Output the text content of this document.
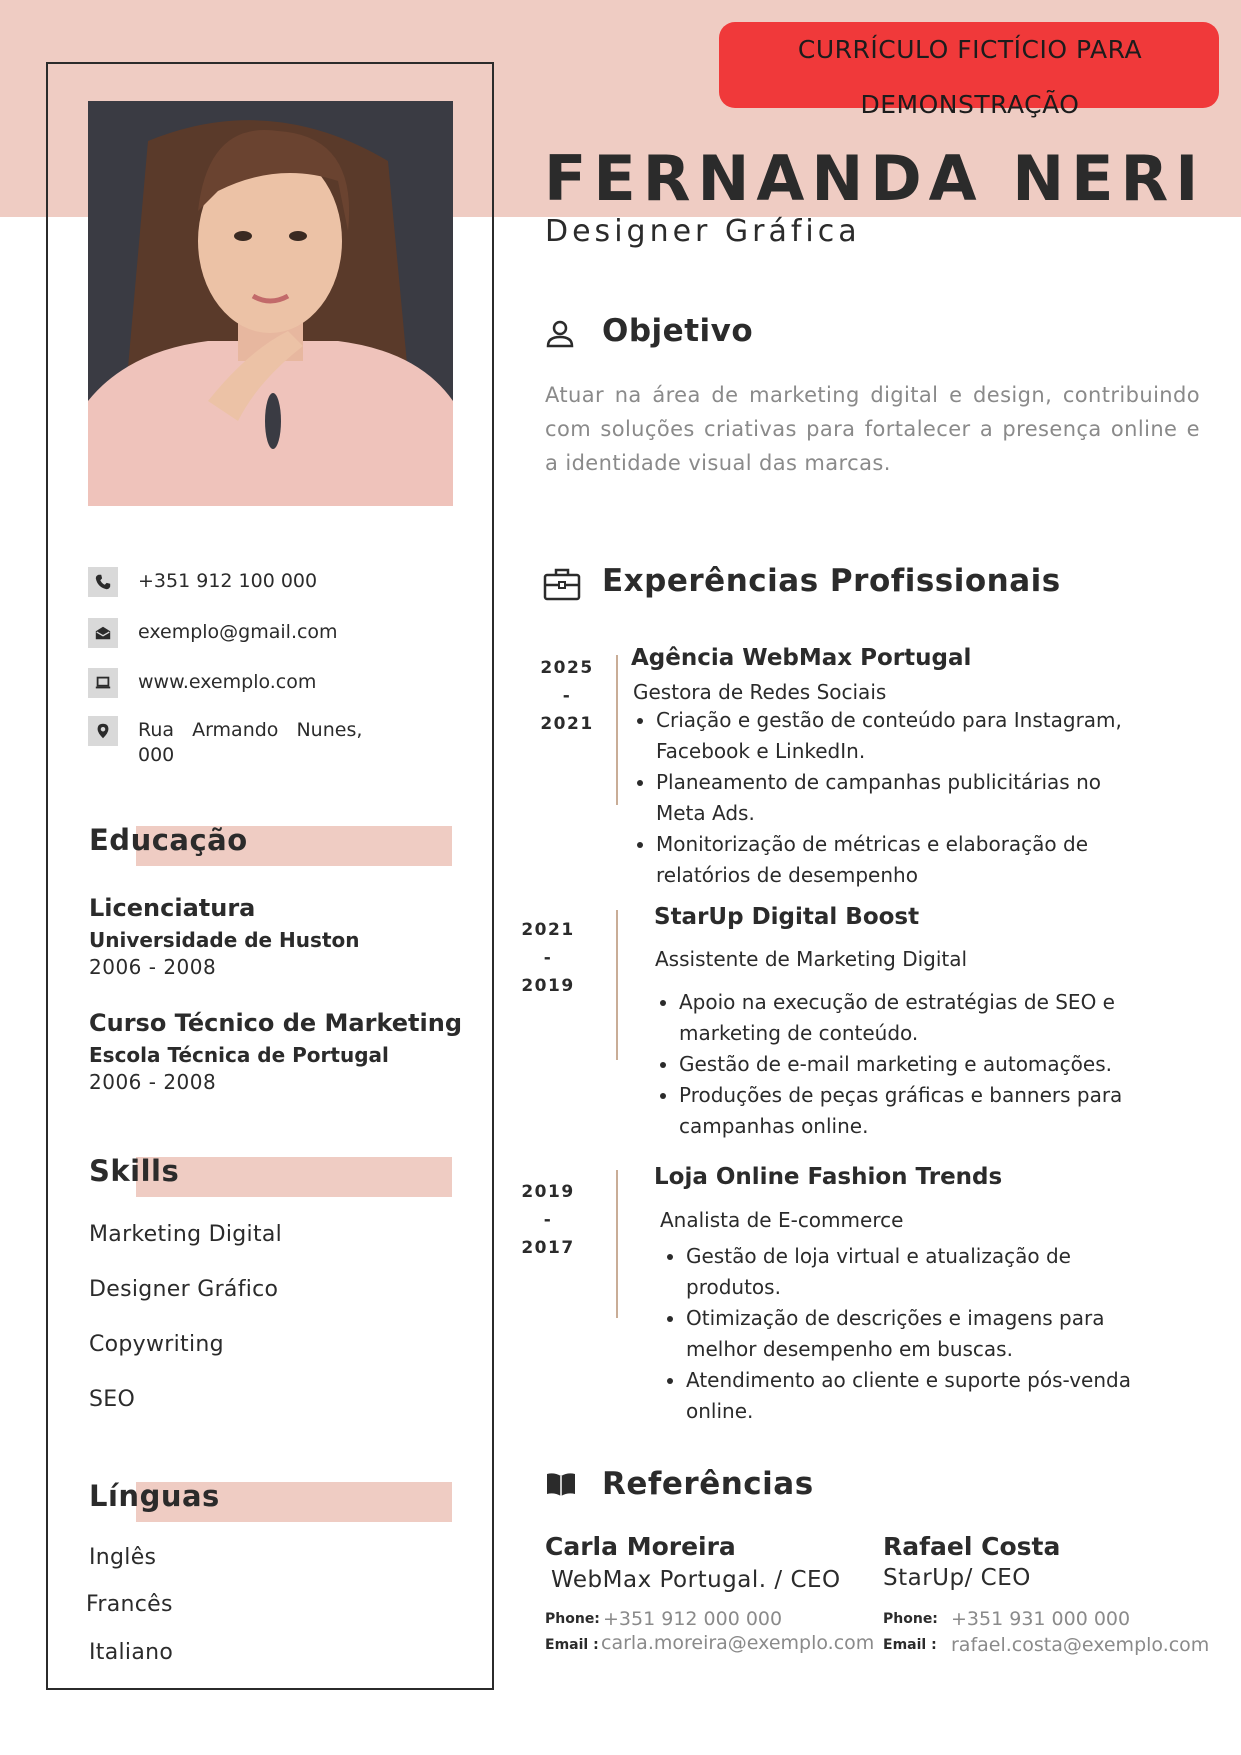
+351 912 100 000
exemplo@gmail.com
www.exemplo.com
Rua Armando Nunes,
000
Educação
Licenciatura
Universidade de Huston
2006 - 2008
Curso Técnico de Marketing
Escola Técnica de Portugal
2006 - 2008
Skills
Marketing Digital
Designer Gráfico
Copywriting
SEO
Línguas
Inglês
Francês
Italiano
CURRÍCULO FICTÍCIO PARA
DEMONSTRAÇÃO
FERNANDA NERI
Designer Gráfica
Objetivo
Atuar na área de marketing digital e design, contribuindo com soluções criativas para fortalecer a presença online e a identidade visual das marcas.
Experências Profissionais
2025
-
2021
Agência WebMax Portugal
Gestora de Redes Sociais
• Criação e gestão de conteúdo para Instagram, Facebook e LinkedIn.
• Planeamento de campanhas publicitárias no Meta Ads.
• Monitorização de métricas e elaboração de relatórios de desempenho
2021
-
2019
StarUp Digital Boost
Assistente de Marketing Digital
• Apoio na execução de estratégias de SEO e marketing de conteúdo.
• Gestão de e-mail marketing e automações.
• Produções de peças gráficas e banners para campanhas online.
2019
-
2017
Loja Online Fashion Trends
Analista de E-commerce
• Gestão de loja virtual e atualização de produtos.
• Otimização de descrições e imagens para melhor desempenho em buscas.
• Atendimento ao cliente e suporte pós-venda online.
Referências
Carla Moreira
WebMax Portugal. / CEO
Phone: +351 912 000 000
Email : carla.moreira@exemplo.com
Rafael Costa
StarUp/ CEO
Phone: +351 931 000 000
Email : rafael.costa@exemplo.com
